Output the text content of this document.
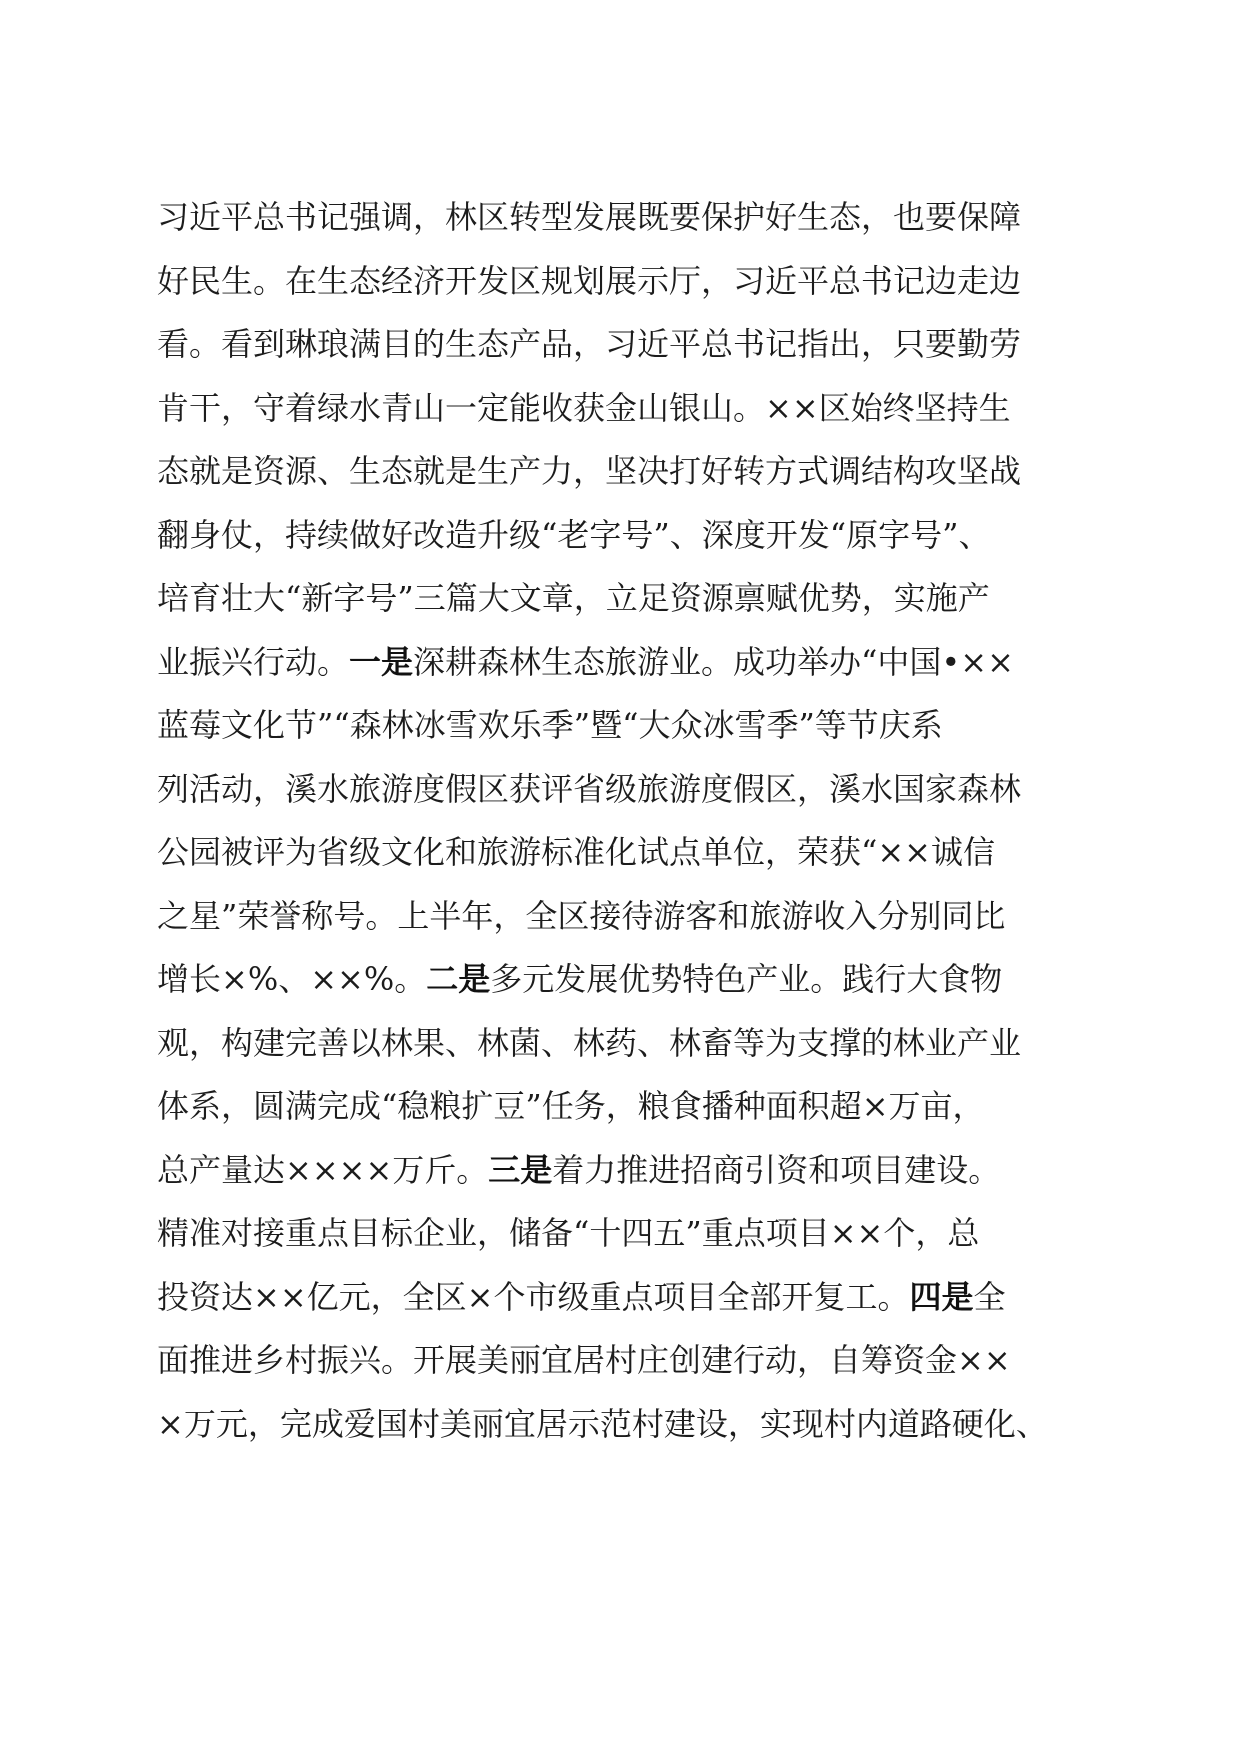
习近平总书记强调，林区转型发展既要保护好生态，也要保障
好民生。在生态经济开发区规划展示厅，习近平总书记边走边
看。看到琳琅满目的生态产品，习近平总书记指出，只要勤劳
肯干，守着绿水青山一定能收获金山银山。××区始终坚持生
态就是资源、生态就是生产力，坚决打好转方式调结构攻坚战
翻身仗，持续做好改造升级“老字号”、深度开发“原字号”、
培育壮大“新字号”三篇大文章，立足资源禀赋优势，实施产
业振兴行动。一是深耕森林生态旅游业。成功举办“中国•××
蓝莓文化节”“森林冰雪欢乐季”暨“大众冰雪季”等节庆系
列活动，溪水旅游度假区获评省级旅游度假区，溪水国家森林
公园被评为省级文化和旅游标准化试点单位，荣获“××诚信
之星”荣誉称号。上半年，全区接待游客和旅游收入分别同比
增长×%、××%。二是多元发展优势特色产业。践行大食物
观，构建完善以林果、林菌、林药、林畜等为支撑的林业产业
体系，圆满完成“稳粮扩豆”任务，粮食播种面积超×万亩，
总产量达××××万斤。三是着力推进招商引资和项目建设。
精准对接重点目标企业，储备“十四五”重点项目××个，总
投资达××亿元，全区×个市级重点项目全部开复工。四是全
面推进乡村振兴。开展美丽宜居村庄创建行动，自筹资金××
×万元，完成爱国村美丽宜居示范村建设，实现村内道路硬化、
